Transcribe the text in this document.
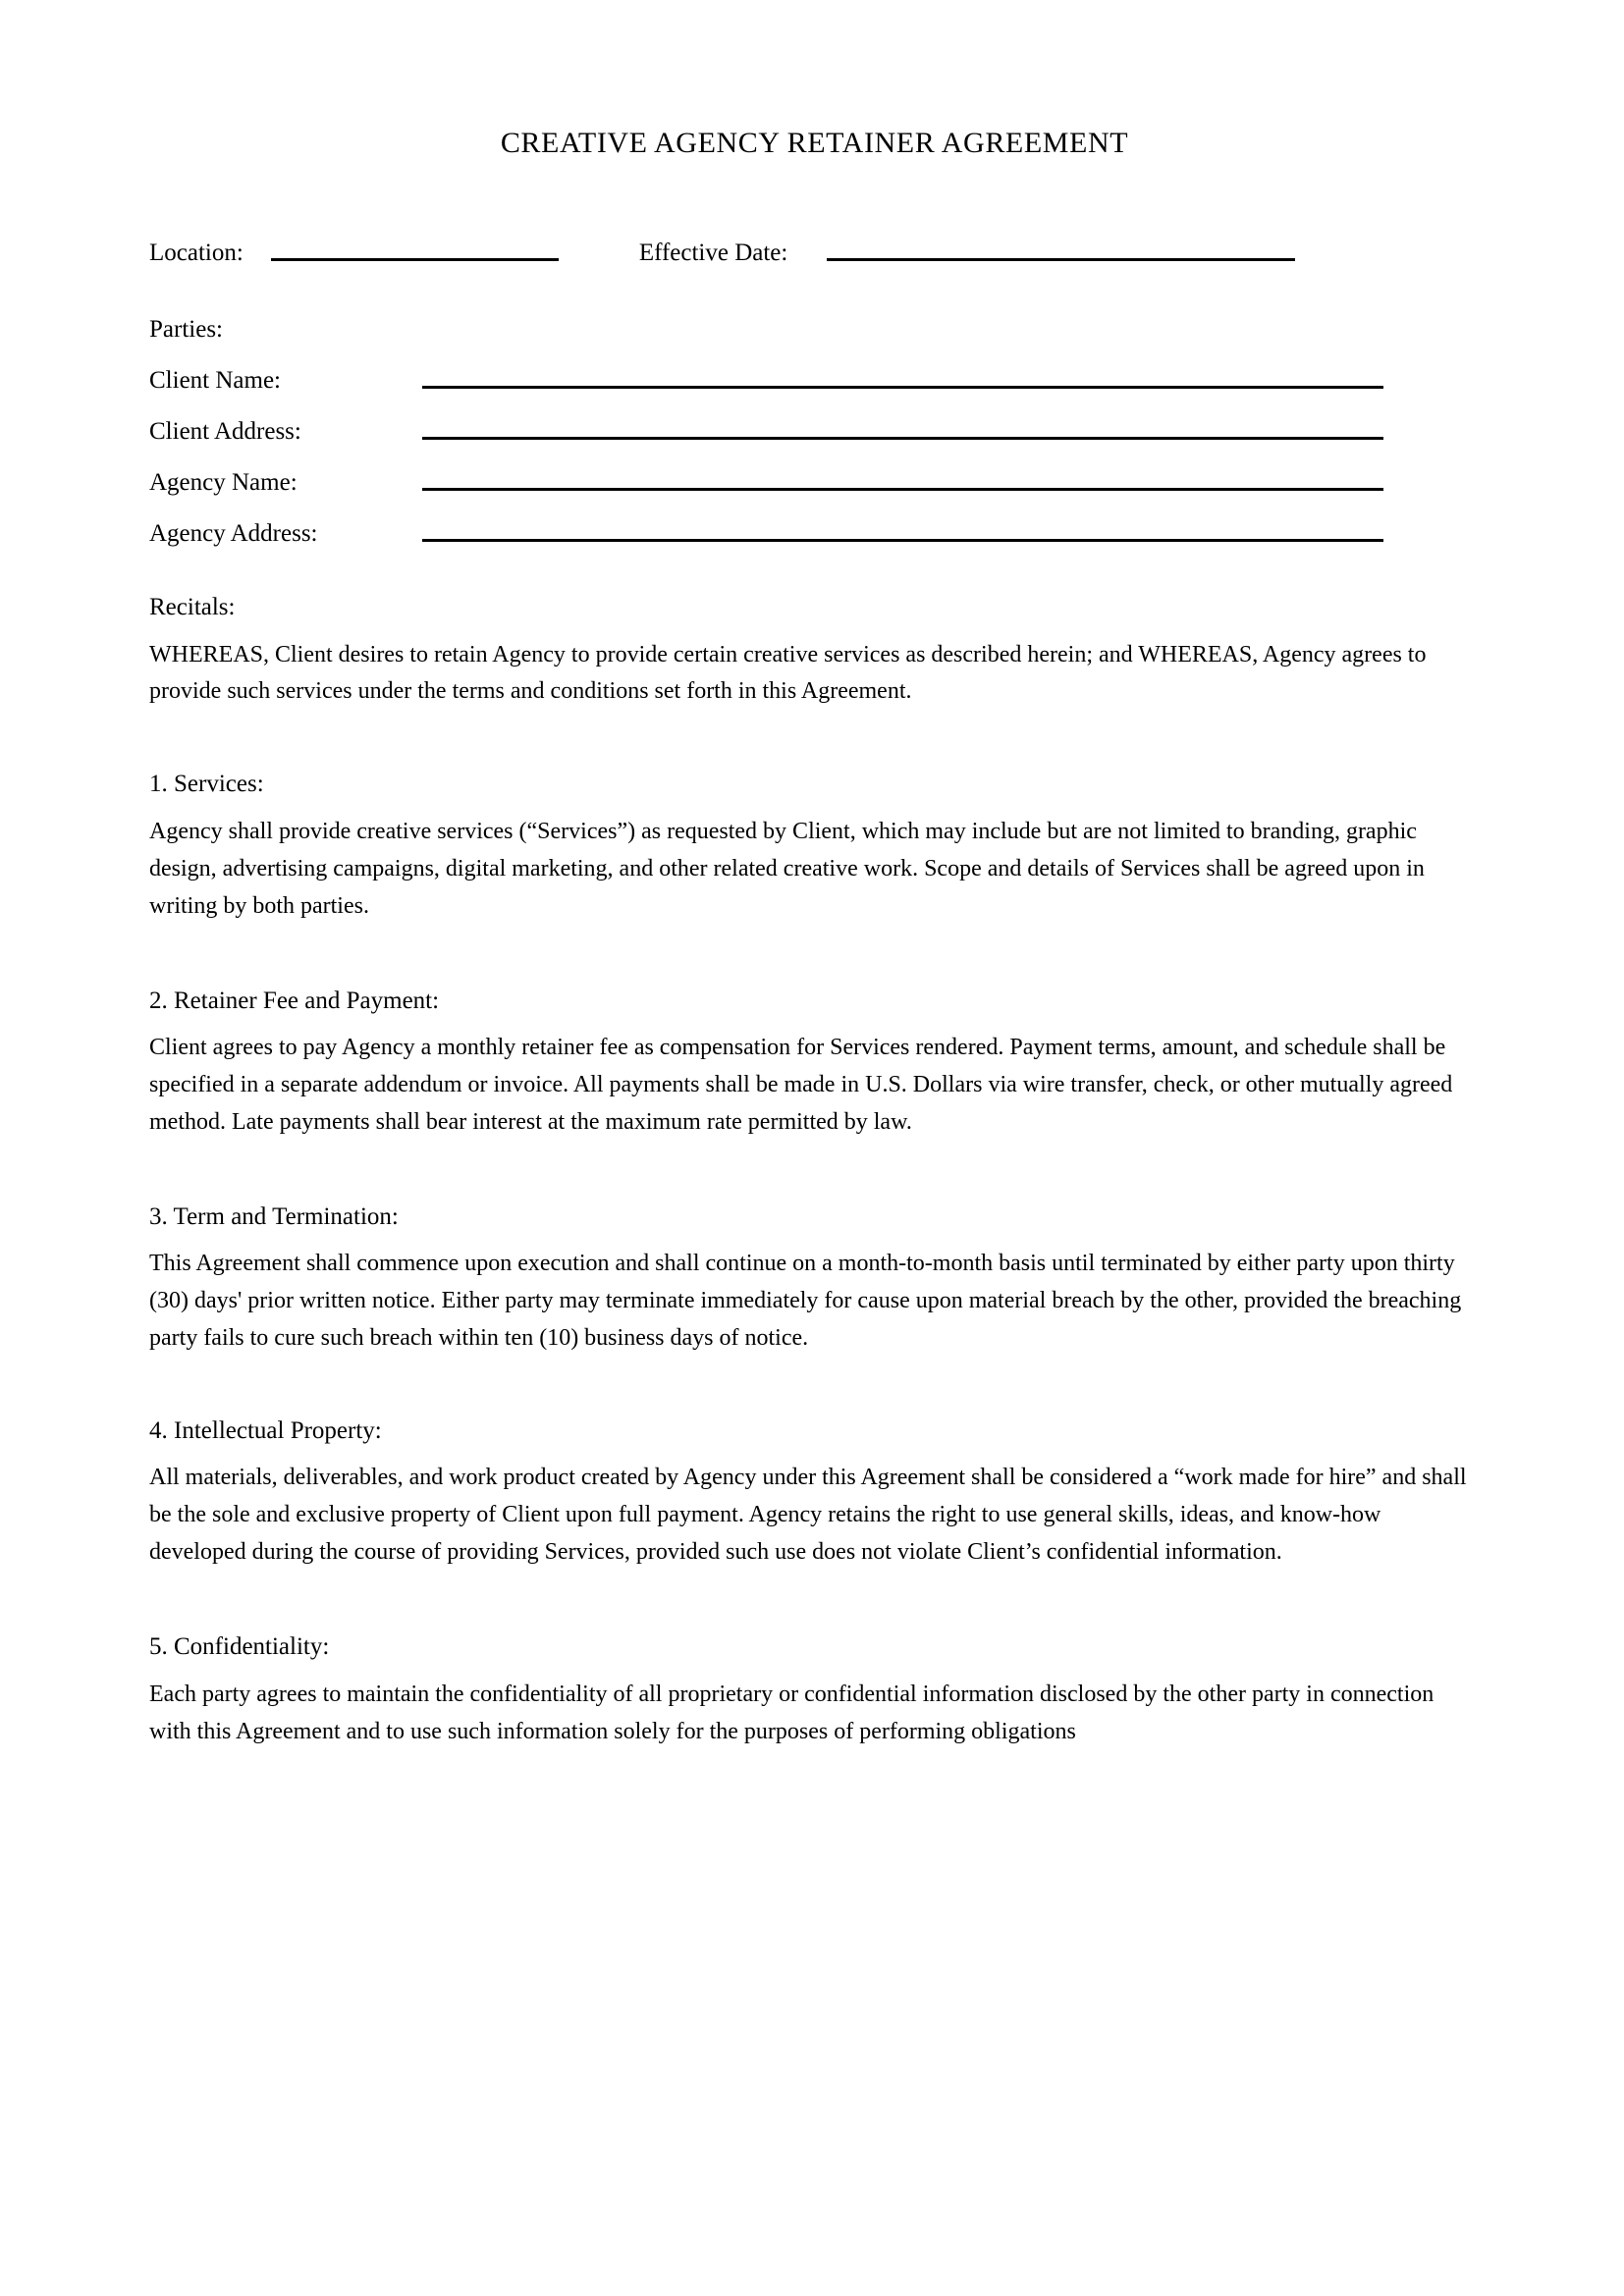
CREATIVE AGENCY RETAINER AGREEMENT
Location:	Effective Date:
Parties:
Client Name:
Client Address:
Agency Name:
Agency Address:
Recitals:

WHEREAS, Client desires to retain Agency to provide certain creative services as described herein; and WHEREAS, Agency agrees to provide such services under the terms and conditions set forth in this Agreement.

1. Services:

Agency shall provide creative services (“Services”) as requested by Client, which may include but are not limited to branding, graphic design, advertising campaigns, digital marketing, and other related creative work. Scope and details of Services shall be agreed upon in writing by both parties.

2. Retainer Fee and Payment:

Client agrees to pay Agency a monthly retainer fee as compensation for Services rendered. Payment terms, amount, and schedule shall be specified in a separate addendum or invoice. All payments shall be made in U.S. Dollars via wire transfer, check, or other mutually agreed method. Late payments shall bear interest at the maximum rate permitted by law.

3. Term and Termination:

This Agreement shall commence upon execution and shall continue on a month-to-month basis until terminated by either party upon thirty (30) days' prior written notice. Either party may terminate immediately for cause upon material breach by the other, provided the breaching party fails to cure such breach within ten (10) business days of notice.

4. Intellectual Property:

All materials, deliverables, and work product created by Agency under this Agreement shall be considered a “work made for hire” and shall be the sole and exclusive property of Client upon full payment. Agency retains the right to use general skills, ideas, and know-how developed during the course of providing Services, provided such use does not violate Client’s confidential information.

5. Confidentiality:

Each party agrees to maintain the confidentiality of all proprietary or confidential information disclosed by the other party in connection with this Agreement and to use such information solely for the purposes of performing obligations
